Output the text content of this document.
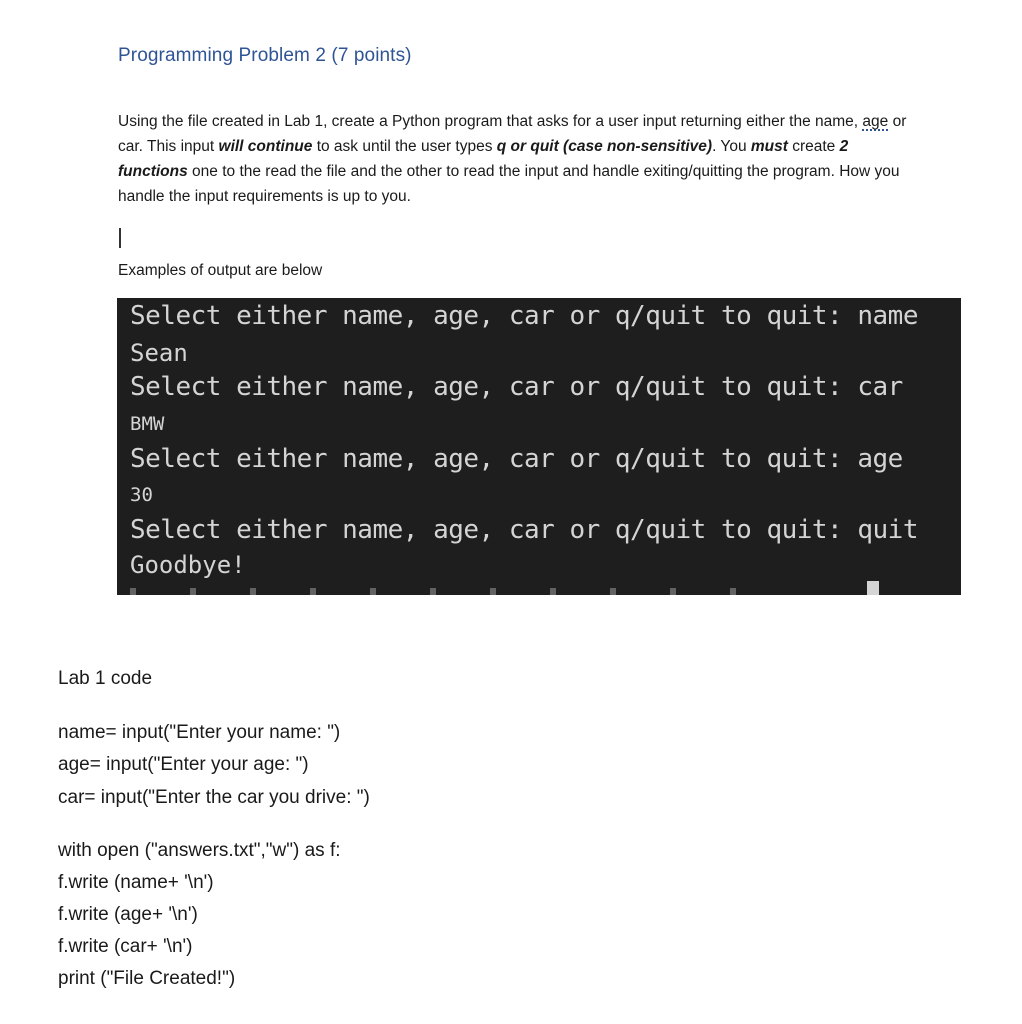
Programming Problem 2 (7 points)
Using the file created in Lab 1, create a Python program that asks for a user input returning either the name, age or car. This input will continue to ask until the user types q or quit (case non-sensitive). You must create 2 functions one to the read the file and the other to read the input and handle exiting/quitting the program. How you handle the input requirements is up to you.
Examples of output are below
Select either name, age, car or q/quit to quit: name
Sean
Select either name, age, car or q/quit to quit: car
BMW
Select either name, age, car or q/quit to quit: age
30
Select either name, age, car or q/quit to quit: quit
Goodbye!
Lab 1 code
name= input("Enter your name: ")
age= input("Enter your age: ")
car= input("Enter the car you drive: ")
with open ("answers.txt","w") as f:
f.write (name+ '\n')
f.write (age+ '\n')
f.write (car+ '\n')
print ("File Created!")
